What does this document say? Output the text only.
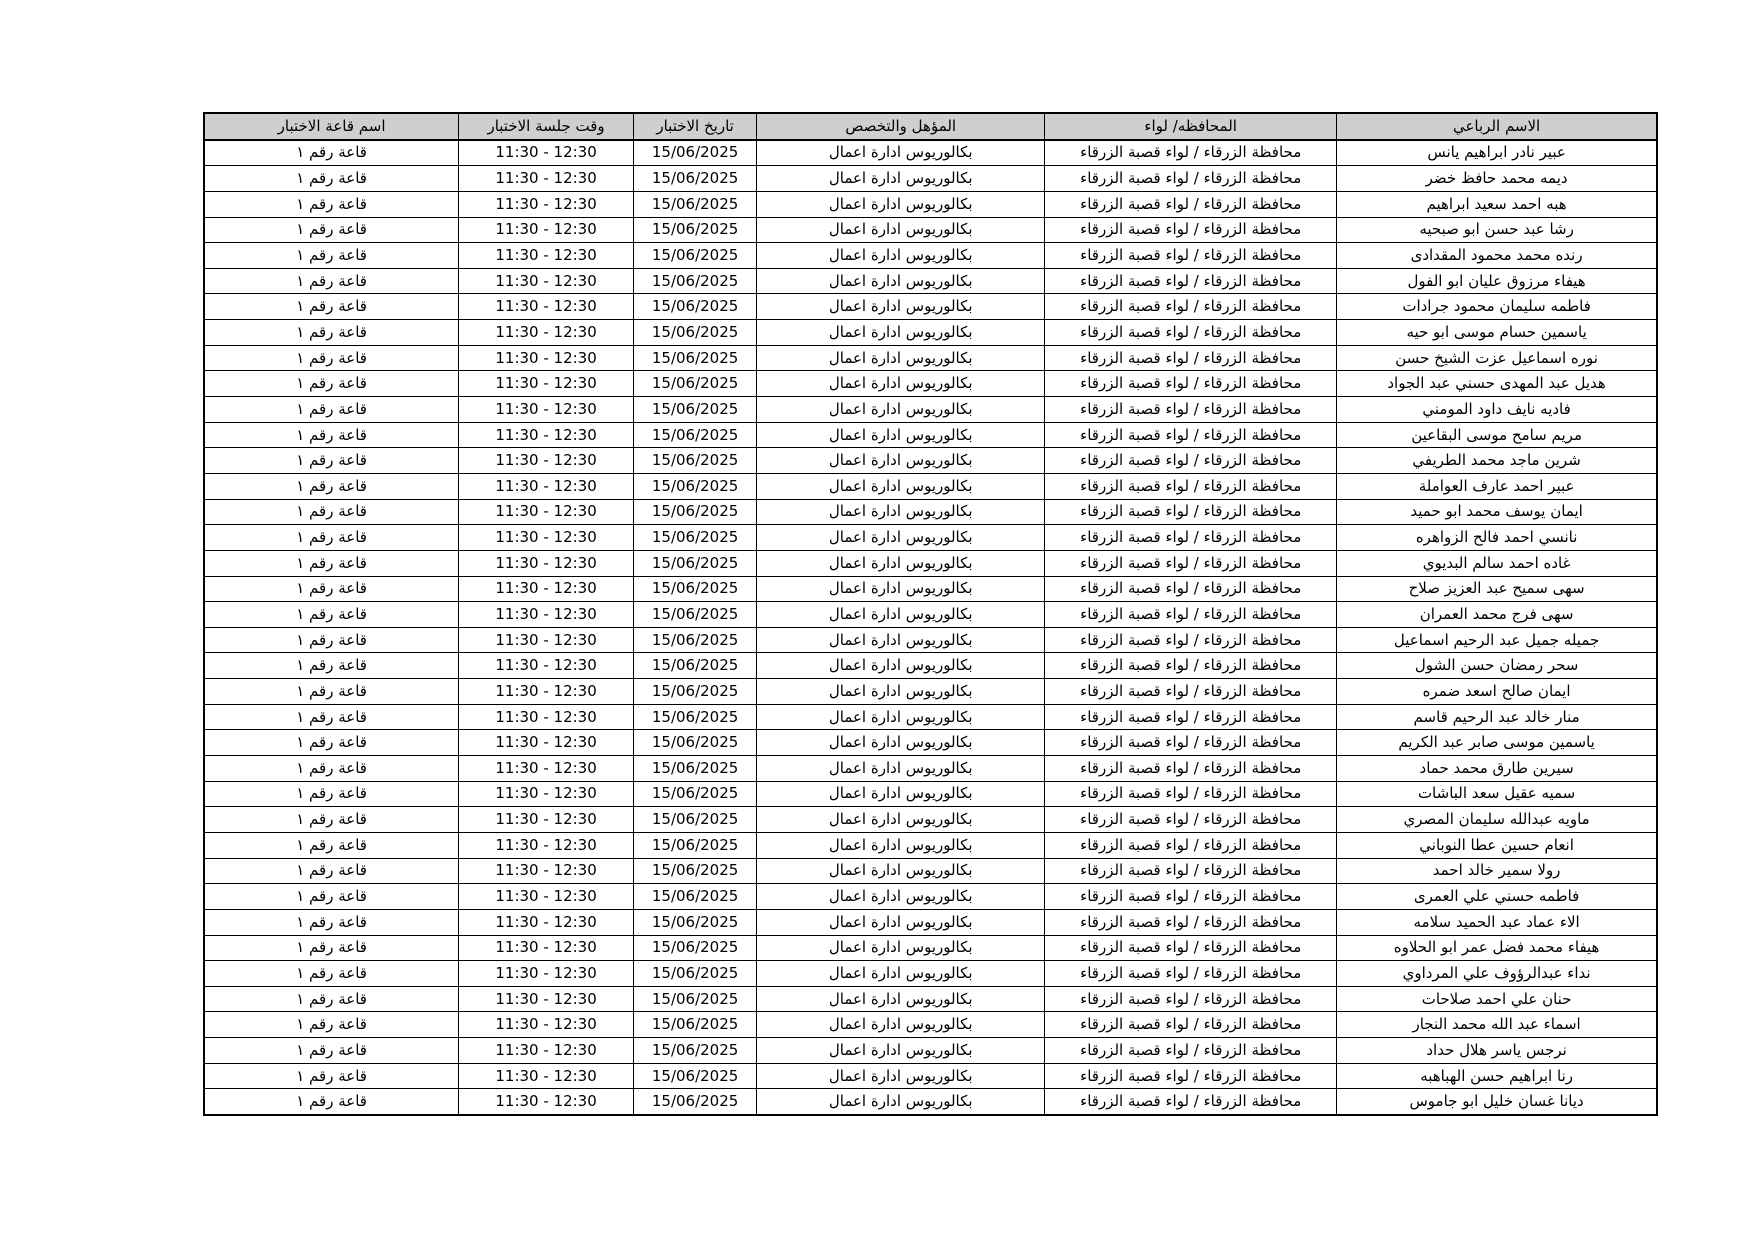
الاسم الرباعي	المحافظه/ لواء	المؤهل والتخصص	تاريخ الاختبار	وقت جلسة الاختبار	اسم قاعة الاختبار
عبير نادر ابراهيم يانس	محافظة الزرقاء / لواء قصبة الزرقاء	بكالوريوس ادارة اعمال	15/06/2025	11:30 - 12:30	قاعة رقم ١
ديمه محمد حافظ خضر	محافظة الزرقاء / لواء قصبة الزرقاء	بكالوريوس ادارة اعمال	15/06/2025	11:30 - 12:30	قاعة رقم ١
هبه احمد سعيد ابراهيم	محافظة الزرقاء / لواء قصبة الزرقاء	بكالوريوس ادارة اعمال	15/06/2025	11:30 - 12:30	قاعة رقم ١
رشا عبد حسن ابو صبحيه	محافظة الزرقاء / لواء قصبة الزرقاء	بكالوريوس ادارة اعمال	15/06/2025	11:30 - 12:30	قاعة رقم ١
رنده محمد محمود المقدادى	محافظة الزرقاء / لواء قصبة الزرقاء	بكالوريوس ادارة اعمال	15/06/2025	11:30 - 12:30	قاعة رقم ١
هيفاء مرزوق عليان ابو الفول	محافظة الزرقاء / لواء قصبة الزرقاء	بكالوريوس ادارة اعمال	15/06/2025	11:30 - 12:30	قاعة رقم ١
فاطمه سليمان محمود جرادات	محافظة الزرقاء / لواء قصبة الزرقاء	بكالوريوس ادارة اعمال	15/06/2025	11:30 - 12:30	قاعة رقم ١
ياسمين حسام موسى ابو حيه	محافظة الزرقاء / لواء قصبة الزرقاء	بكالوريوس ادارة اعمال	15/06/2025	11:30 - 12:30	قاعة رقم ١
نوره اسماعيل عزت الشيخ حسن	محافظة الزرقاء / لواء قصبة الزرقاء	بكالوريوس ادارة اعمال	15/06/2025	11:30 - 12:30	قاعة رقم ١
هديل عبد المهدى حسني عبد الجواد	محافظة الزرقاء / لواء قصبة الزرقاء	بكالوريوس ادارة اعمال	15/06/2025	11:30 - 12:30	قاعة رقم ١
فاديه نايف داود المومني	محافظة الزرقاء / لواء قصبة الزرقاء	بكالوريوس ادارة اعمال	15/06/2025	11:30 - 12:30	قاعة رقم ١
مريم سامح موسى البقاعين	محافظة الزرقاء / لواء قصبة الزرقاء	بكالوريوس ادارة اعمال	15/06/2025	11:30 - 12:30	قاعة رقم ١
شرين ماجد محمد الطريفي	محافظة الزرقاء / لواء قصبة الزرقاء	بكالوريوس ادارة اعمال	15/06/2025	11:30 - 12:30	قاعة رقم ١
عبير احمد عارف العواملة	محافظة الزرقاء / لواء قصبة الزرقاء	بكالوريوس ادارة اعمال	15/06/2025	11:30 - 12:30	قاعة رقم ١
ايمان يوسف محمد ابو حميد	محافظة الزرقاء / لواء قصبة الزرقاء	بكالوريوس ادارة اعمال	15/06/2025	11:30 - 12:30	قاعة رقم ١
نانسي احمد فالح الزواهره	محافظة الزرقاء / لواء قصبة الزرقاء	بكالوريوس ادارة اعمال	15/06/2025	11:30 - 12:30	قاعة رقم ١
غاده احمد سالم البديوي	محافظة الزرقاء / لواء قصبة الزرقاء	بكالوريوس ادارة اعمال	15/06/2025	11:30 - 12:30	قاعة رقم ١
سهى سميح عبد العزيز صلاح	محافظة الزرقاء / لواء قصبة الزرقاء	بكالوريوس ادارة اعمال	15/06/2025	11:30 - 12:30	قاعة رقم ١
سهى فرج محمد العمران	محافظة الزرقاء / لواء قصبة الزرقاء	بكالوريوس ادارة اعمال	15/06/2025	11:30 - 12:30	قاعة رقم ١
جميله جميل عبد الرحيم اسماعيل	محافظة الزرقاء / لواء قصبة الزرقاء	بكالوريوس ادارة اعمال	15/06/2025	11:30 - 12:30	قاعة رقم ١
سحر رمضان حسن الشول	محافظة الزرقاء / لواء قصبة الزرقاء	بكالوريوس ادارة اعمال	15/06/2025	11:30 - 12:30	قاعة رقم ١
ايمان صالح اسعد ضمره	محافظة الزرقاء / لواء قصبة الزرقاء	بكالوريوس ادارة اعمال	15/06/2025	11:30 - 12:30	قاعة رقم ١
منار خالد عبد الرحيم قاسم	محافظة الزرقاء / لواء قصبة الزرقاء	بكالوريوس ادارة اعمال	15/06/2025	11:30 - 12:30	قاعة رقم ١
ياسمين موسى صابر عبد الكريم	محافظة الزرقاء / لواء قصبة الزرقاء	بكالوريوس ادارة اعمال	15/06/2025	11:30 - 12:30	قاعة رقم ١
سيرين طارق محمد حماد	محافظة الزرقاء / لواء قصبة الزرقاء	بكالوريوس ادارة اعمال	15/06/2025	11:30 - 12:30	قاعة رقم ١
سميه عقيل سعد الباشات	محافظة الزرقاء / لواء قصبة الزرقاء	بكالوريوس ادارة اعمال	15/06/2025	11:30 - 12:30	قاعة رقم ١
ماويه عبدالله سليمان المصري	محافظة الزرقاء / لواء قصبة الزرقاء	بكالوريوس ادارة اعمال	15/06/2025	11:30 - 12:30	قاعة رقم ١
انعام حسين عطا النوباني	محافظة الزرقاء / لواء قصبة الزرقاء	بكالوريوس ادارة اعمال	15/06/2025	11:30 - 12:30	قاعة رقم ١
رولا سمير خالد احمد	محافظة الزرقاء / لواء قصبة الزرقاء	بكالوريوس ادارة اعمال	15/06/2025	11:30 - 12:30	قاعة رقم ١
فاطمه حسني علي العمرى	محافظة الزرقاء / لواء قصبة الزرقاء	بكالوريوس ادارة اعمال	15/06/2025	11:30 - 12:30	قاعة رقم ١
الاء عماد عبد الحميد سلامه	محافظة الزرقاء / لواء قصبة الزرقاء	بكالوريوس ادارة اعمال	15/06/2025	11:30 - 12:30	قاعة رقم ١
هيفاء محمد فضل عمر ابو الحلاوه	محافظة الزرقاء / لواء قصبة الزرقاء	بكالوريوس ادارة اعمال	15/06/2025	11:30 - 12:30	قاعة رقم ١
نداء عبدالرؤوف علي المرداوي	محافظة الزرقاء / لواء قصبة الزرقاء	بكالوريوس ادارة اعمال	15/06/2025	11:30 - 12:30	قاعة رقم ١
حنان علي احمد صلاحات	محافظة الزرقاء / لواء قصبة الزرقاء	بكالوريوس ادارة اعمال	15/06/2025	11:30 - 12:30	قاعة رقم ١
اسماء عبد الله محمد النجار	محافظة الزرقاء / لواء قصبة الزرقاء	بكالوريوس ادارة اعمال	15/06/2025	11:30 - 12:30	قاعة رقم ١
نرجس ياسر هلال حداد	محافظة الزرقاء / لواء قصبة الزرقاء	بكالوريوس ادارة اعمال	15/06/2025	11:30 - 12:30	قاعة رقم ١
رنا ابراهيم حسن الهباهبه	محافظة الزرقاء / لواء قصبة الزرقاء	بكالوريوس ادارة اعمال	15/06/2025	11:30 - 12:30	قاعة رقم ١
ديانا غسان خليل ابو جاموس	محافظة الزرقاء / لواء قصبة الزرقاء	بكالوريوس ادارة اعمال	15/06/2025	11:30 - 12:30	قاعة رقم ١
